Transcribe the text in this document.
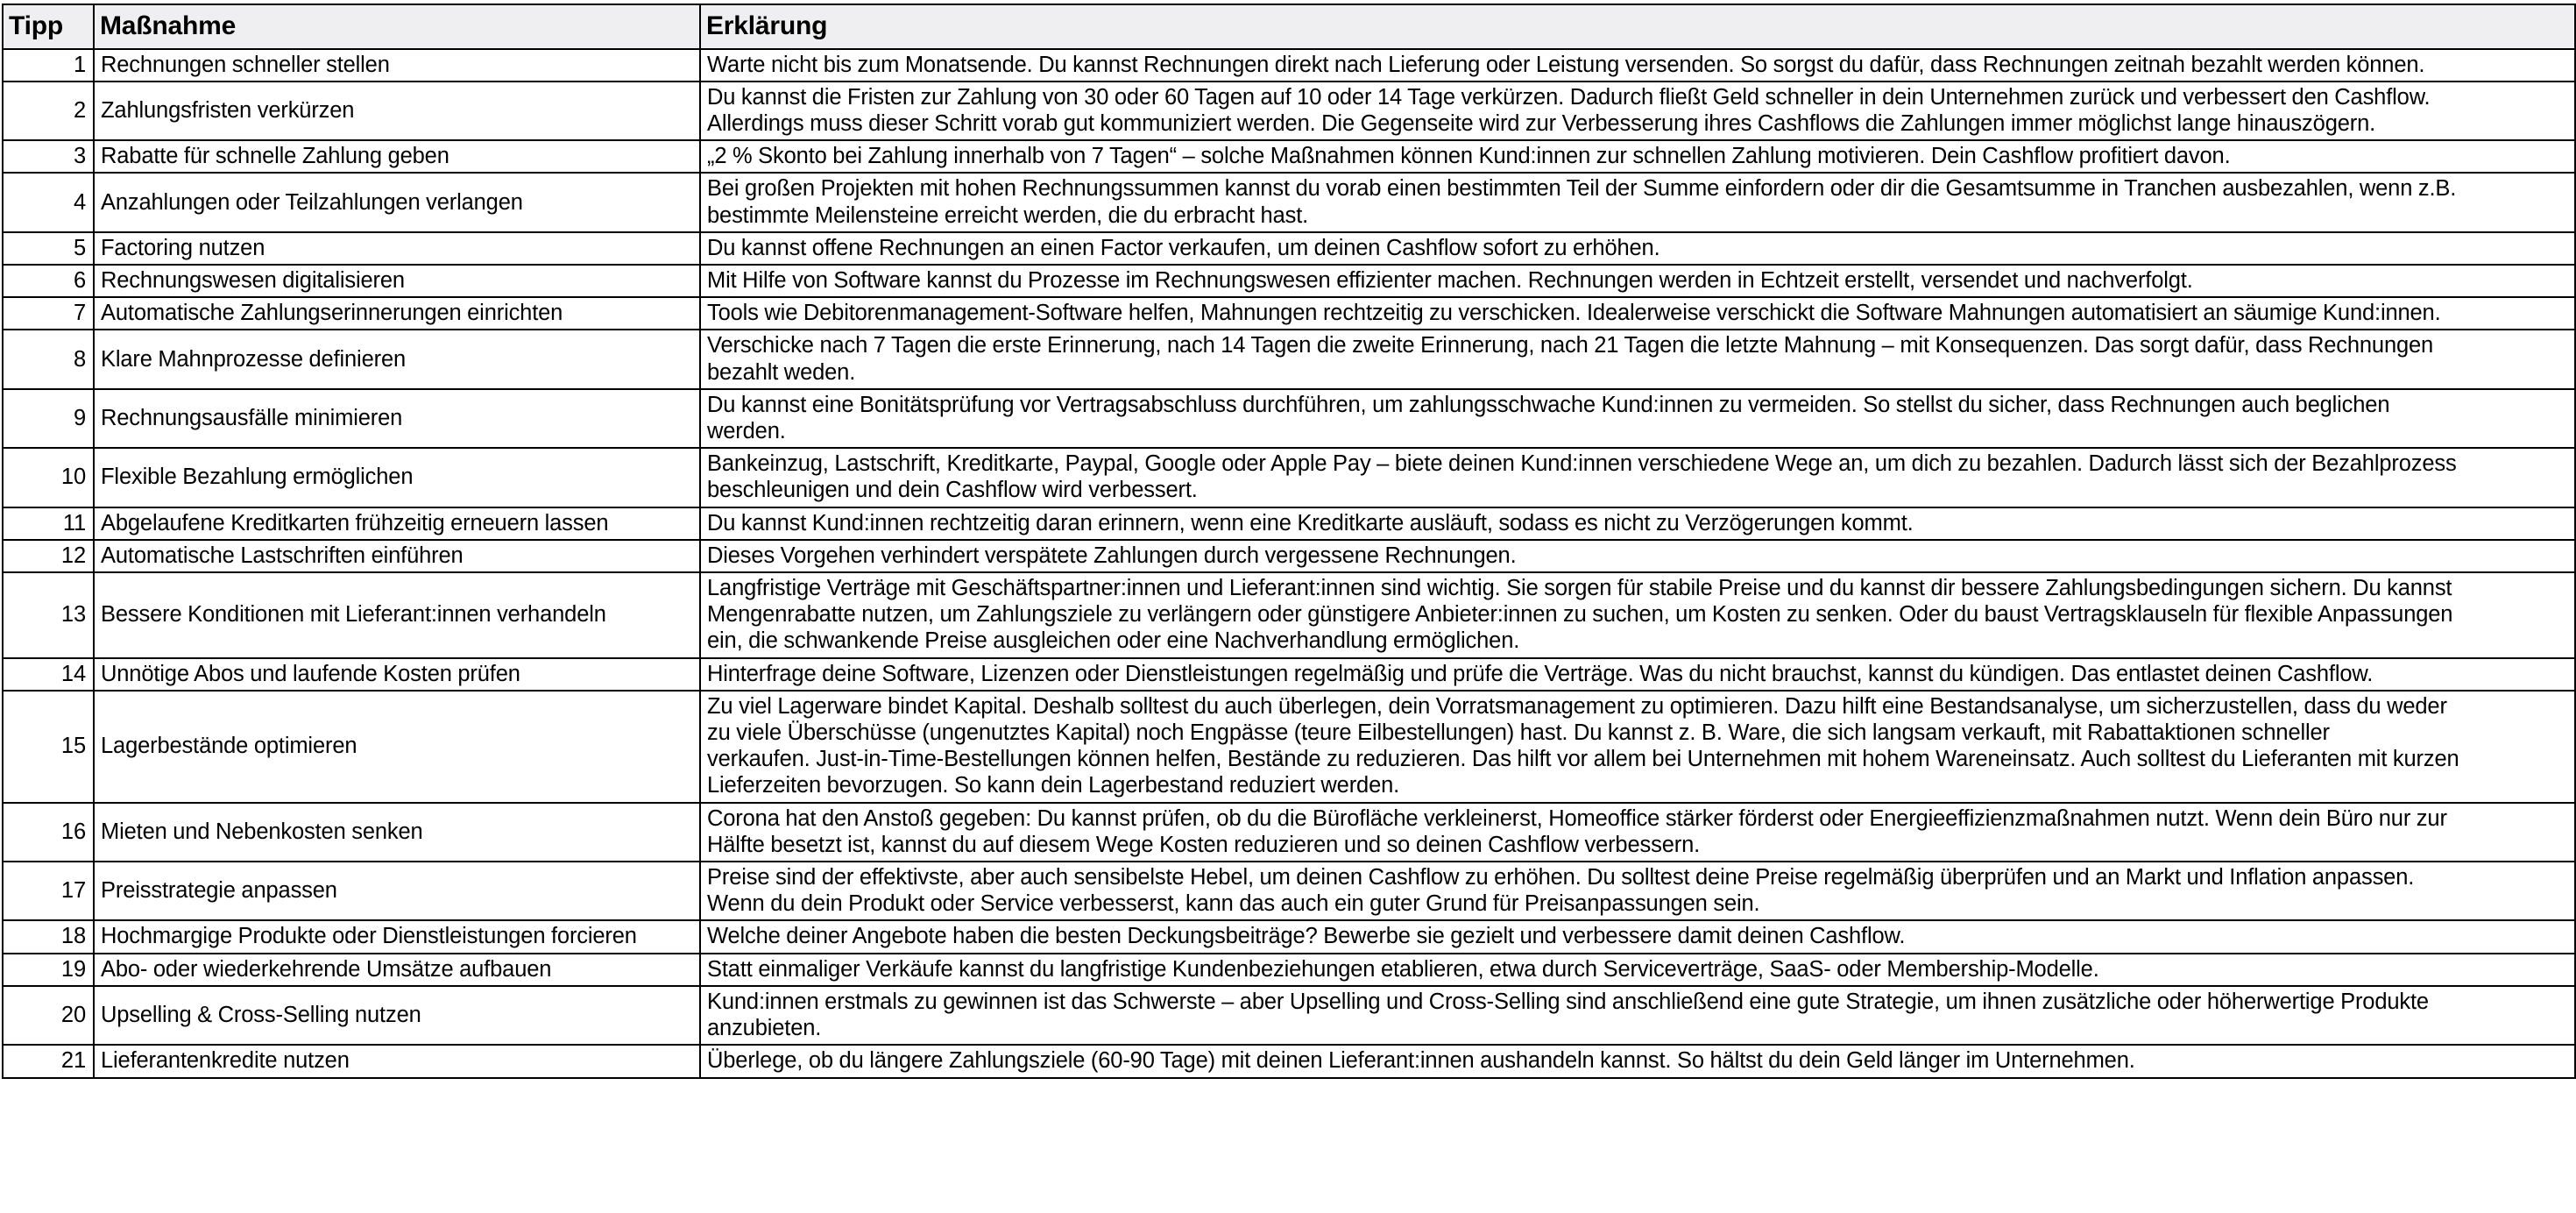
Tipp	Maßnahme	Erklärung
1	Rechnungen schneller stellen	Warte nicht bis zum Monatsende. Du kannst Rechnungen direkt nach Lieferung oder Leistung versenden. So sorgst du dafür, dass Rechnungen zeitnah bezahlt werden können.

2	Zahlungsfristen verkürzen	Du kannst die Fristen zur Zahlung von 30 oder 60 Tagen auf 10 oder 14 Tage verkürzen. Dadurch fließt Geld schneller in dein Unternehmen zurück und verbessert den Cashflow.
Allerdings muss dieser Schritt vorab gut kommuniziert werden. Die Gegenseite wird zur Verbesserung ihres Cashflows die Zahlungen immer möglichst lange hinauszögern.

3	Rabatte für schnelle Zahlung geben	„2 % Skonto bei Zahlung innerhalb von 7 Tagen“ – solche Maßnahmen können Kund:innen zur schnellen Zahlung motivieren. Dein Cashflow profitiert davon.

4	Anzahlungen oder Teilzahlungen verlangen	Bei großen Projekten mit hohen Rechnungssummen kannst du vorab einen bestimmten Teil der Summe einfordern oder dir die Gesamtsumme in Tranchen ausbezahlen, wenn z.B.
bestimmte Meilensteine erreicht werden, die du erbracht hast.

5	Factoring nutzen	Du kannst offene Rechnungen an einen Factor verkaufen, um deinen Cashflow sofort zu erhöhen.

6	Rechnungswesen digitalisieren	Mit Hilfe von Software kannst du Prozesse im Rechnungswesen effizienter machen. Rechnungen werden in Echtzeit erstellt, versendet und nachverfolgt.

7	Automatische Zahlungserinnerungen einrichten	Tools wie Debitorenmanagement-Software helfen, Mahnungen rechtzeitig zu verschicken. Idealerweise verschickt die Software Mahnungen automatisiert an säumige Kund:innen.

8	Klare Mahnprozesse definieren	Verschicke nach 7 Tagen die erste Erinnerung, nach 14 Tagen die zweite Erinnerung, nach 21 Tagen die letzte Mahnung – mit Konsequenzen. Das sorgt dafür, dass Rechnungen
bezahlt weden.

9	Rechnungsausfälle minimieren	Du kannst eine Bonitätsprüfung vor Vertragsabschluss durchführen, um zahlungsschwache Kund:innen zu vermeiden. So stellst du sicher, dass Rechnungen auch beglichen
werden.

10	Flexible Bezahlung ermöglichen	Bankeinzug, Lastschrift, Kreditkarte, Paypal, Google oder Apple Pay – biete deinen Kund:innen verschiedene Wege an, um dich zu bezahlen. Dadurch lässt sich der Bezahlprozess
beschleunigen und dein Cashflow wird verbessert.

11	Abgelaufene Kreditkarten frühzeitig erneuern lassen	Du kannst Kund:innen rechtzeitig daran erinnern, wenn eine Kreditkarte ausläuft, sodass es nicht zu Verzögerungen kommt.

12	Automatische Lastschriften einführen	Dieses Vorgehen verhindert verspätete Zahlungen durch vergessene Rechnungen.

13	Bessere Konditionen mit Lieferant:innen verhandeln	Langfristige Verträge mit Geschäftspartner:innen und Lieferant:innen sind wichtig. Sie sorgen für stabile Preise und du kannst dir bessere Zahlungsbedingungen sichern. Du kannst
Mengenrabatte nutzen, um Zahlungsziele zu verlängern oder günstigere Anbieter:innen zu suchen, um Kosten zu senken. Oder du baust Vertragsklauseln für flexible Anpassungen
ein, die schwankende Preise ausgleichen oder eine Nachverhandlung ermöglichen.

14	Unnötige Abos und laufende Kosten prüfen	Hinterfrage deine Software, Lizenzen oder Dienstleistungen regelmäßig und prüfe die Verträge. Was du nicht brauchst, kannst du kündigen. Das entlastet deinen Cashflow.

15	Lagerbestände optimieren	Zu viel Lagerware bindet Kapital. Deshalb solltest du auch überlegen, dein Vorratsmanagement zu optimieren. Dazu hilft eine Bestandsanalyse, um sicherzustellen, dass du weder
zu viele Überschüsse (ungenutztes Kapital) noch Engpässe (teure Eilbestellungen) hast. Du kannst z. B. Ware, die sich langsam verkauft, mit Rabattaktionen schneller
verkaufen. Just-in-Time-Bestellungen können helfen, Bestände zu reduzieren. Das hilft vor allem bei Unternehmen mit hohem Wareneinsatz. Auch solltest du Lieferanten mit kurzen
Lieferzeiten bevorzugen. So kann dein Lagerbestand reduziert werden.

16	Mieten und Nebenkosten senken	Corona hat den Anstoß gegeben: Du kannst prüfen, ob du die Bürofläche verkleinerst, Homeoffice stärker förderst oder Energieeffizienzmaßnahmen nutzt. Wenn dein Büro nur zur
Hälfte besetzt ist, kannst du auf diesem Wege Kosten reduzieren und so deinen Cashflow verbessern.

17	Preisstrategie anpassen	Preise sind der effektivste, aber auch sensibelste Hebel, um deinen Cashflow zu erhöhen. Du solltest deine Preise regelmäßig überprüfen und an Markt und Inflation anpassen.
Wenn du dein Produkt oder Service verbesserst, kann das auch ein guter Grund für Preisanpassungen sein.

18	Hochmargige Produkte oder Dienstleistungen forcieren	Welche deiner Angebote haben die besten Deckungsbeiträge? Bewerbe sie gezielt und verbessere damit deinen Cashflow.

19	Abo- oder wiederkehrende Umsätze aufbauen	Statt einmaliger Verkäufe kannst du langfristige Kundenbeziehungen etablieren, etwa durch Serviceverträge, SaaS- oder Membership-Modelle.

20	Upselling & Cross-Selling nutzen	Kund:innen erstmals zu gewinnen ist das Schwerste – aber Upselling und Cross-Selling sind anschließend eine gute Strategie, um ihnen zusätzliche oder höherwertige Produkte
anzubieten.

21	Lieferantenkredite nutzen	Überlege, ob du längere Zahlungsziele (60-90 Tage) mit deinen Lieferant:innen aushandeln kannst. So hältst du dein Geld länger im Unternehmen.
